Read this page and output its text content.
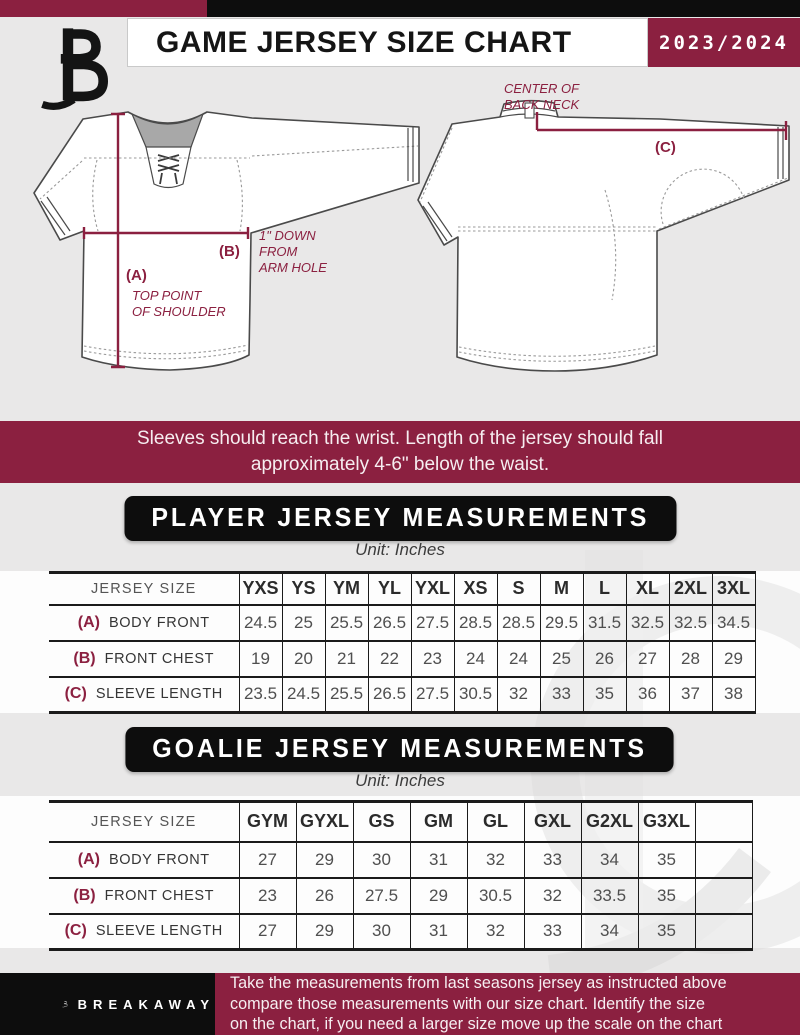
GAME JERSEY SIZE CHART	2023/2024
(A)
TOP POINT
OF SHOULDER
(B)
1" DOWN
FROM
ARM HOLE
(C)
CENTER OF
BACK NECK
Sleeves should reach the wrist. Length of the jersey should fall
approximately 4-6" below the waist.
PLAYER JERSEY MEASUREMENTS
Unit: Inches
JERSEY SIZE	YXS	YS	YM	YL	YXL	XS	S	M	L	XL	2XL	3XL
(A) BODY FRONT	24.5	25	25.5	26.5	27.5	28.5	28.5	29.5	31.5	32.5	32.5	34.5
(B) FRONT CHEST	19	20	21	22	23	24	24	25	26	27	28	29
(C) SLEEVE LENGTH	23.5	24.5	25.5	26.5	27.5	30.5	32	33	35	36	37	38
GOALIE JERSEY MEASUREMENTS
Unit: Inches
JERSEY SIZE	GYM	GYXL	GS	GM	GL	GXL	G2XL	G3XL	
(A) BODY FRONT	27	29	30	31	32	33	34	35	
(B) FRONT CHEST	23	26	27.5	29	30.5	32	33.5	35	
(C) SLEEVE LENGTH	27	29	30	31	32	33	34	35	
BREAKAWAY
Take the measurements from last seasons jersey as instructed above
compare those measurements with our size chart. Identify the size
on the chart, if you need a larger size move up the scale on the chart
